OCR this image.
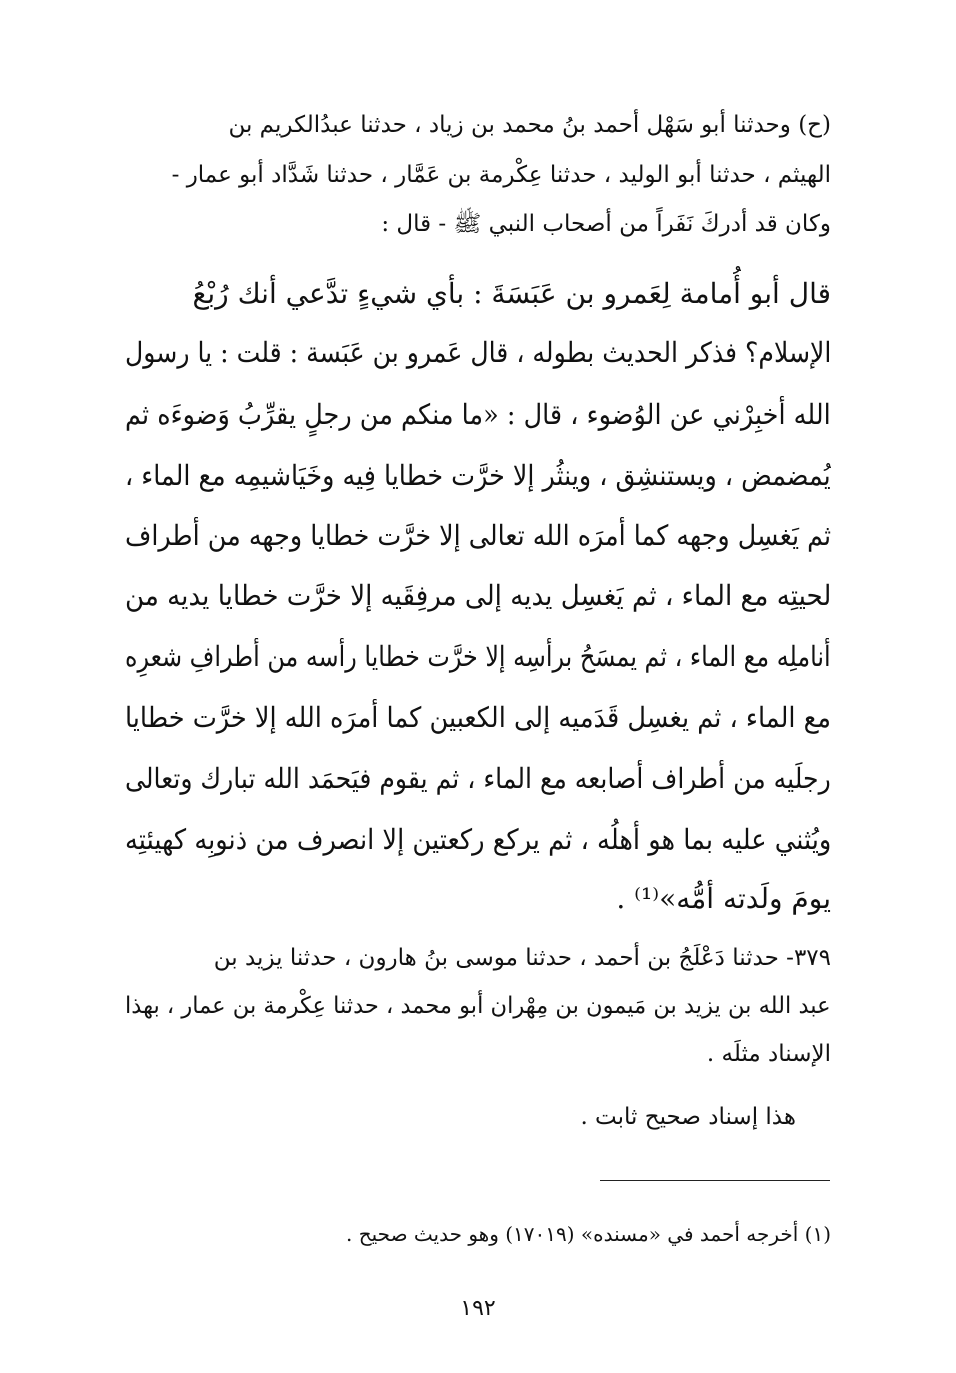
(ح) وحدثنا أبو سَهْل أحمد بنُ محمد بن زياد ، حدثنا عبدُالكريم بن
الهيثم ، حدثنا أبو الوليد ، حدثنا عِكْرمة بن عَمَّار ، حدثنا شَدَّاد أبو عمار -
وكان قد أدركَ نَفَراً من أصحاب النبي ﷺ - قال :
قال أبو أُمامة لِعَمرو بن عَبَسَةَ : بأي شيءٍ تدَّعي أنك رُبْعُ
الإسلام؟ فذكر الحديث بطوله ، قال عَمرو بن عَبَسة : قلت : يا رسول
الله أخبِرْني عن الوُضوء ، قال : «ما منكم من رجلٍ يقرِّبُ وَضوءَه ثم
يُمضمض ، ويستنشِق ، وينثُر إلا خرَّت خطايا فِيه وخَيَاشيمِه مع الماء ،
ثم يَغسِل وجهه كما أمرَه الله تعالى إلا خرَّت خطايا وجهه من أطراف
لحيتِه مع الماء ، ثم يَغسِل يديه إلى مرفِقَيه إلا خرَّت خطايا يديه من
أناملِه مع الماء ، ثم يمسَحُ برأسِه إلا خرَّت خطايا رأسه من أطرافِ شعرِه
مع الماء ، ثم يغسِل قَدَميه إلى الكعبين كما أمرَه الله إلا خرَّت خطايا
رجلَيه من أطراف أصابعه مع الماء ، ثم يقوم فيَحمَد الله تبارك وتعالى
ويُثني عليه بما هو أهلُه ، ثم يركع ركعتين إلا انصرف من ذنوبِه كهيئتِه
يومَ ولَدته أمُّه»⁽¹⁾ .
٣٧٩- حدثنا دَعْلَجُ بن أحمد ، حدثنا موسى بنُ هارون ، حدثنا يزيد بن
عبد الله بن يزيد بن مَيمون بن مِهْران أبو محمد ، حدثنا عِكْرمة بن عمار ، بهذا
الإسناد مثلَه .
هذا إسناد صحيح ثابت .
(١) أخرجه أحمد في «مسنده» (١٧٠١٩) وهو حديث صحيح .
١٩٢
